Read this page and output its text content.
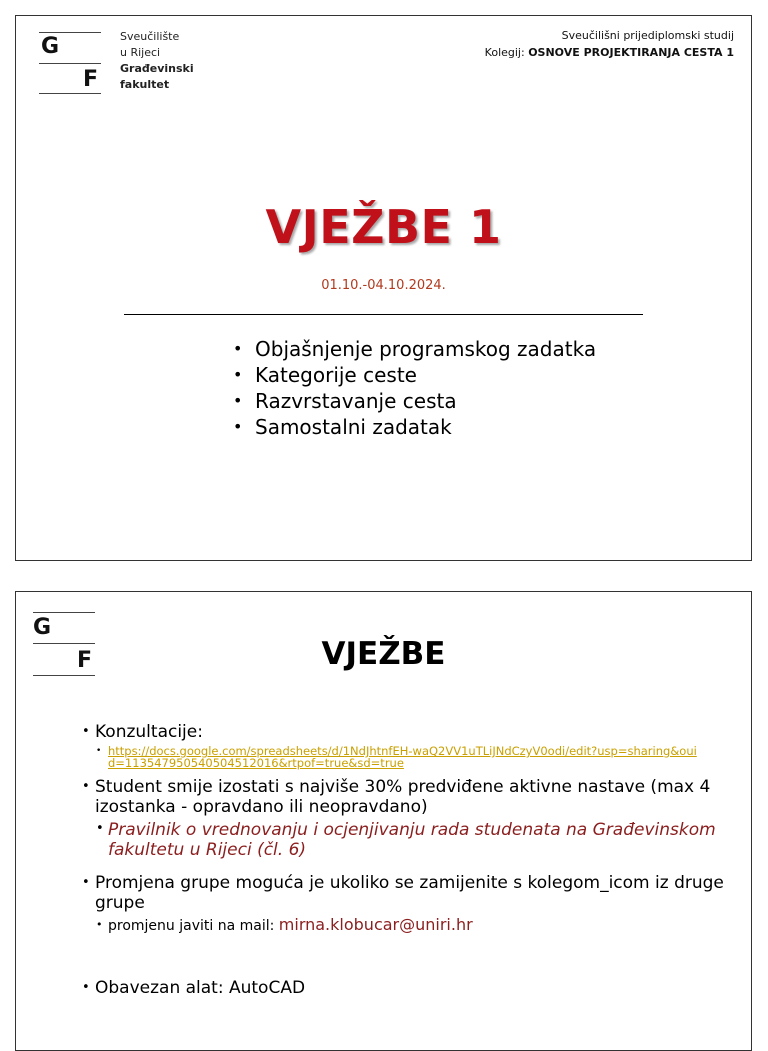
G
F
Sveučilište
u Rijeci
Građevinski
fakultet
Sveučilišni prijediplomski studij
Kolegij: OSNOVE PROJEKTIRANJA CESTA 1
VJEŽBE 1
01.10.-04.10.2024.
• Objašnjenje programskog zadatka
• Kategorije ceste
• Razvrstavanje cesta
• Samostalni zadatak
G
F	VJEŽBE
• Konzultacije:
• https://docs.google.com/spreadsheets/d/1NdJhtnfEH-waQ2VV1uTLiJNdCzyV0odi/edit?usp=sharing&ouid=113547950540504512016&rtpof=true&sd=true
• Student smije izostati s najviše 30% predviđene aktivne nastave (max 4 izostanka - opravdano ili neopravdano)
• Pravilnik o vrednovanju i ocjenjivanju rada studenata na Građevinskom fakultetu u Rijeci (čl. 6)
• Promjena grupe moguća je ukoliko se zamijenite s kolegom_icom iz druge grupe
• promjenu javiti na mail: mirna.klobucar@uniri.hr
• Obavezan alat: AutoCAD
